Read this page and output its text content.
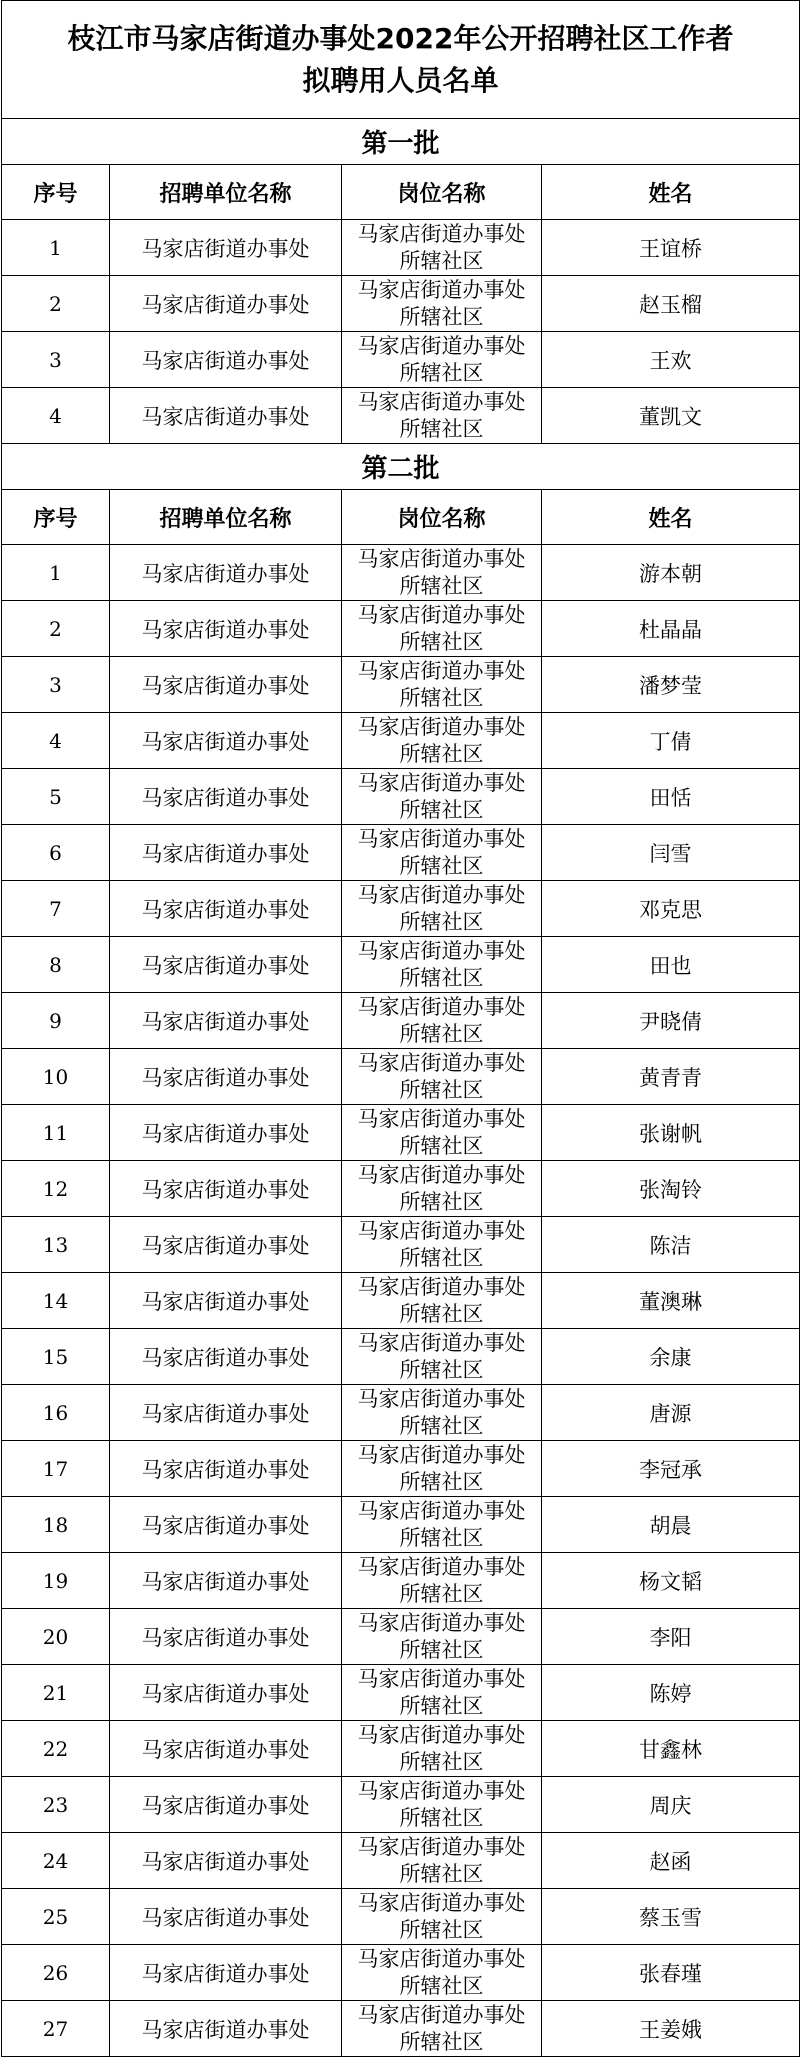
枝江市马家店街道办事处2022年公开招聘社区工作者
拟聘用人员名单			

第一批			
序号	招聘单位名称	岗位名称	姓名
1	马家店街道办事处	马家店街道办事处
所辖社区	王谊桥
2	马家店街道办事处	马家店街道办事处
所辖社区	赵玉榴
3	马家店街道办事处	马家店街道办事处
所辖社区	王欢
4	马家店街道办事处	马家店街道办事处
所辖社区	董凯文
第二批			
序号	招聘单位名称	岗位名称	姓名
1	马家店街道办事处	马家店街道办事处
所辖社区	游本朝
2	马家店街道办事处	马家店街道办事处
所辖社区	杜晶晶
3	马家店街道办事处	马家店街道办事处
所辖社区	潘梦莹
4	马家店街道办事处	马家店街道办事处
所辖社区	丁倩
5	马家店街道办事处	马家店街道办事处
所辖社区	田恬
6	马家店街道办事处	马家店街道办事处
所辖社区	闫雪
7	马家店街道办事处	马家店街道办事处
所辖社区	邓克思
8	马家店街道办事处	马家店街道办事处
所辖社区	田也
9	马家店街道办事处	马家店街道办事处
所辖社区	尹晓倩
10	马家店街道办事处	马家店街道办事处
所辖社区	黄青青
11	马家店街道办事处	马家店街道办事处
所辖社区	张谢帆
12	马家店街道办事处	马家店街道办事处
所辖社区	张淘铃
13	马家店街道办事处	马家店街道办事处
所辖社区	陈洁
14	马家店街道办事处	马家店街道办事处
所辖社区	董澳琳
15	马家店街道办事处	马家店街道办事处
所辖社区	余康
16	马家店街道办事处	马家店街道办事处
所辖社区	唐源
17	马家店街道办事处	马家店街道办事处
所辖社区	李冠承
18	马家店街道办事处	马家店街道办事处
所辖社区	胡晨
19	马家店街道办事处	马家店街道办事处
所辖社区	杨文韬
20	马家店街道办事处	马家店街道办事处
所辖社区	李阳
21	马家店街道办事处	马家店街道办事处
所辖社区	陈婷
22	马家店街道办事处	马家店街道办事处
所辖社区	甘鑫林
23	马家店街道办事处	马家店街道办事处
所辖社区	周庆
24	马家店街道办事处	马家店街道办事处
所辖社区	赵函
25	马家店街道办事处	马家店街道办事处
所辖社区	蔡玉雪
26	马家店街道办事处	马家店街道办事处
所辖社区	张春瑾
27	马家店街道办事处	马家店街道办事处
所辖社区	王姜娥
